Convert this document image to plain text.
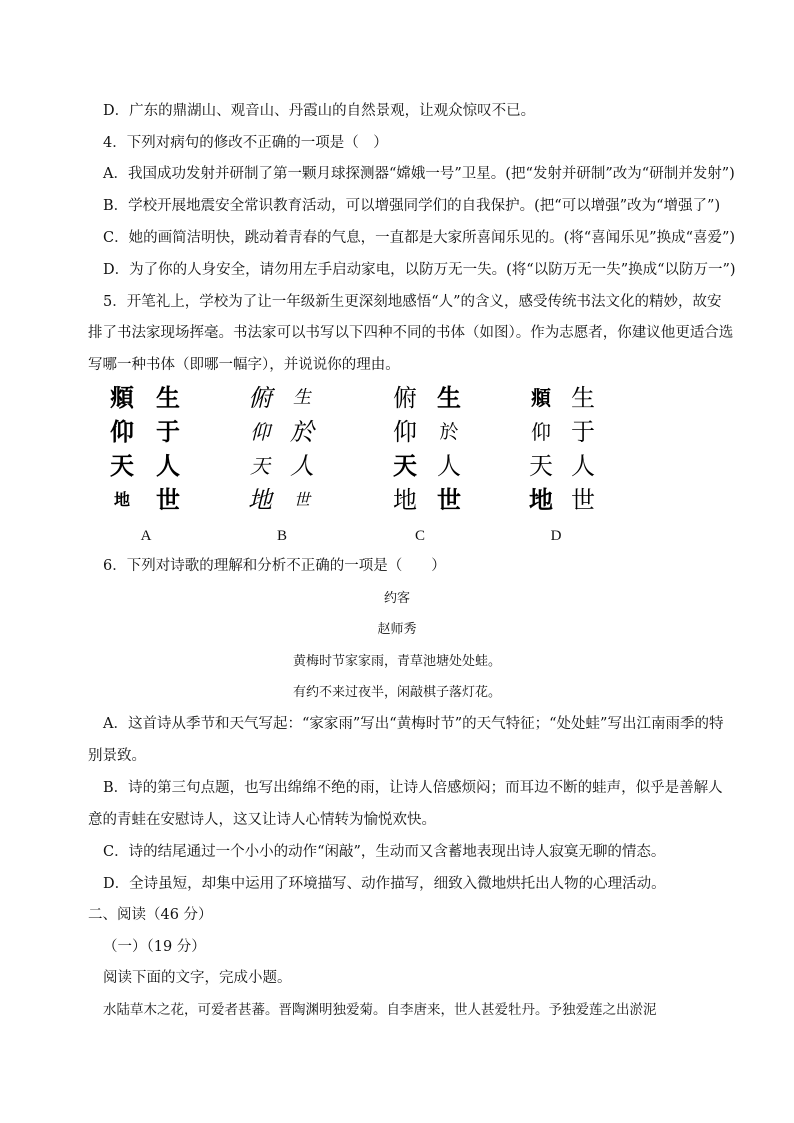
D．广东的鼎湖山、观音山、丹霞山的自然景观，让观众惊叹不已。
4．下列对病句的修改不正确的一项是（　）
A．我国成功发射并研制了第一颗月球探测器“嫦娥一号”卫星。(把“发射并研制”改为“研制并发射”)
B．学校开展地震安全常识教育活动，可以增强同学们的自我保护。(把“可以增强”改为“增强了”)
C．她的画简洁明快，跳动着青春的气息，一直都是大家所喜闻乐见的。(将“喜闻乐见”换成“喜爱”)
D．为了你的人身安全，请勿用左手启动家电，以防万无一失。(将“以防万无一失”换成“以防万一”)
5．开笔礼上，学校为了让一年级新生更深刻地感悟“人”的含义，感受传统书法文化的精妙，故安
排了书法家现场挥毫。书法家可以书写以下四种不同的书体（如图）。作为志愿者，你建议他更适合选
写哪一种书体（即哪一幅字），并说说你的理由。
頫 生
仰 于
天 人
地	世
A
俯	生
仰 於
天 人
地	世
B
俯 生
仰	於
天 人
地 世
C
頫 生
仰 于
天 人
地 世
D
6．下列对诗歌的理解和分析不正确的一项是（　　）
约客
赵师秀
黄梅时节家家雨，青草池塘处处蛙。
有约不来过夜半，闲敲棋子落灯花。
A．这首诗从季节和天气写起：“家家雨”写出“黄梅时节”的天气特征；“处处蛙”写出江南雨季的特
别景致。
B．诗的第三句点题，也写出绵绵不绝的雨，让诗人倍感烦闷；而耳边不断的蛙声，似乎是善解人
意的青蛙在安慰诗人，这又让诗人心情转为愉悦欢快。
C．诗的结尾通过一个小小的动作“闲敲”，生动而又含蓄地表现出诗人寂寞无聊的情态。
D．全诗虽短，却集中运用了环境描写、动作描写，细致入微地烘托出人物的心理活动。
二、阅读（46 分）
（一）（19 分）
阅读下面的文字，完成小题。
水陆草木之花，可爱者甚蕃。晋陶渊明独爱菊。自李唐来，世人甚爱牡丹。予独爱莲之出淤泥
